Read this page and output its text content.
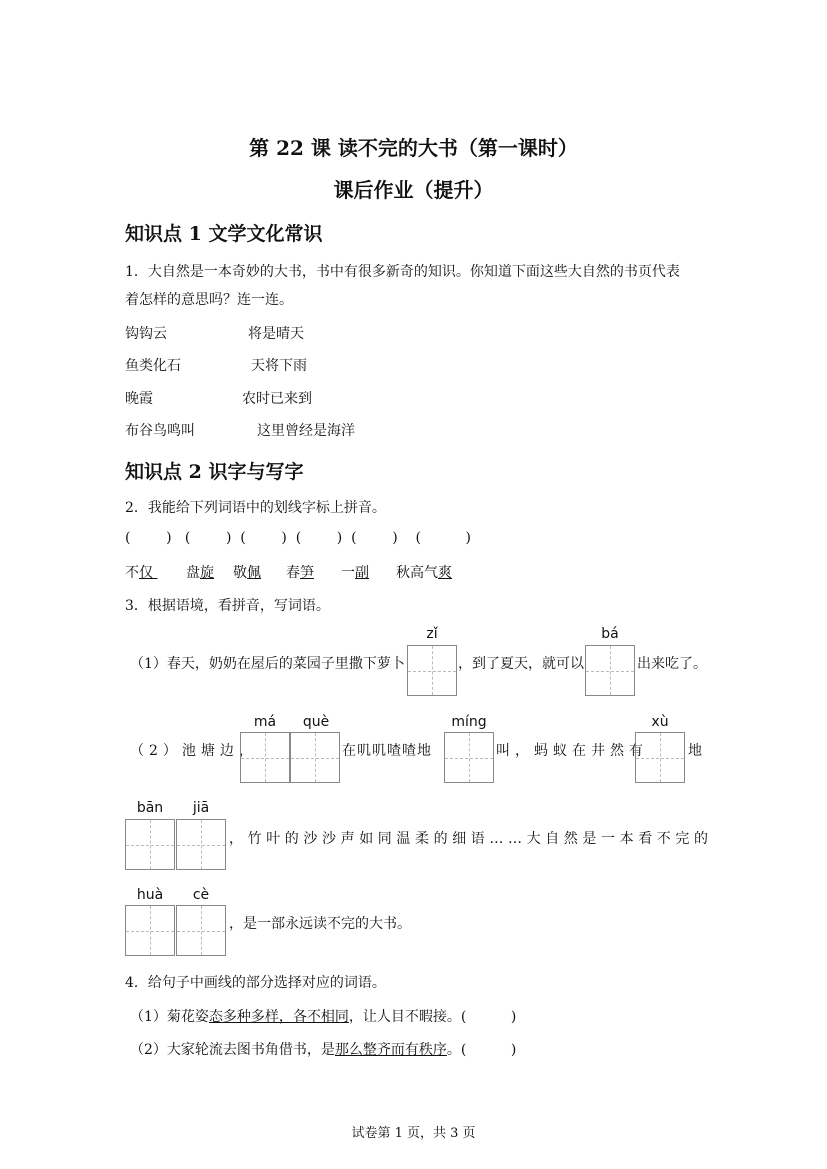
第 22 课 读不完的大书（第一课时）
课后作业（提升）
知识点 1 文学文化常识
1．大自然是一本奇妙的大书，书中有很多新奇的知识。你知道下面这些大自然的书页代表
着怎样的意思吗？连一连。
钩钩云	将是晴天
鱼类化石	天将下雨
晚霞	农时已来到
布谷鸟鸣叫	这里曾经是海洋
知识点 2 识字与写字
2．我能给下列词语中的划线字标上拼音。
(        )   (        )  (        )  (        )  (        )    (          )
不仅 盘旋 敬佩 春笋 一副 秋高气爽
3．根据语境，看拼音，写词语。
（1）春天，奶奶在屋后的菜园子里撒下萝卜
zǐ
，到了夏天，就可以
bá
出来吃了。
（2）池塘边，
má	què
在叽叽喳喳地
míng
叫，蚂蚁在井然有
xù
地
bān	jiā
，竹叶的沙沙声如同温柔的细语……大自然是一本看不完的
huà	cè
，是一部永远读不完的大书。
4．给句子中画线的部分选择对应的词语。
（1）菊花姿态多种多样，各不相同，让人目不暇接。(          )
（2）大家轮流去图书角借书，是那么整齐而有秩序。(          )
试卷第 1 页，共 3 页
